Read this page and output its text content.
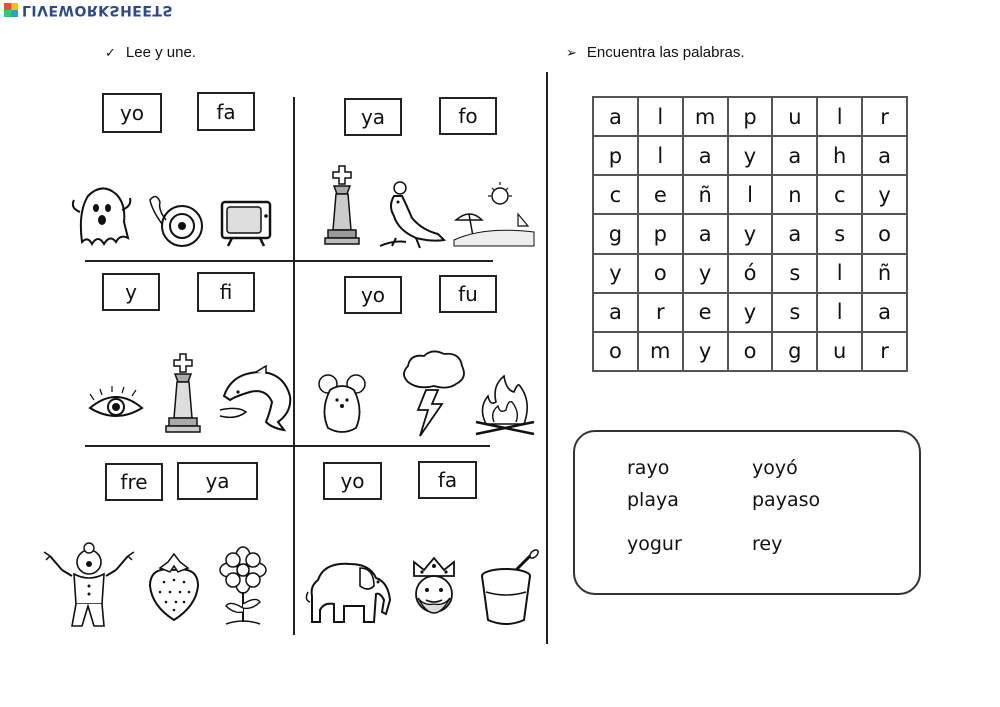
LIVEWORKSHEETS
✓ Lee y une.	➢ Encuentra las palabras.
yo	fa	ya	fo
y	fi	yo	fu
fre	ya	yo	fa
a	l	m	p	u	l	r
p	l	a	y	a	h	a
c	e	ñ	l	n	c	y
g	p	a	y	a	s	o
y	o	y	ó	s	l	ñ
a	r	e	y	s	l	a
o	m	y	o	g	u	r
rayo	yoyó
playa	payaso
yogur	rey
